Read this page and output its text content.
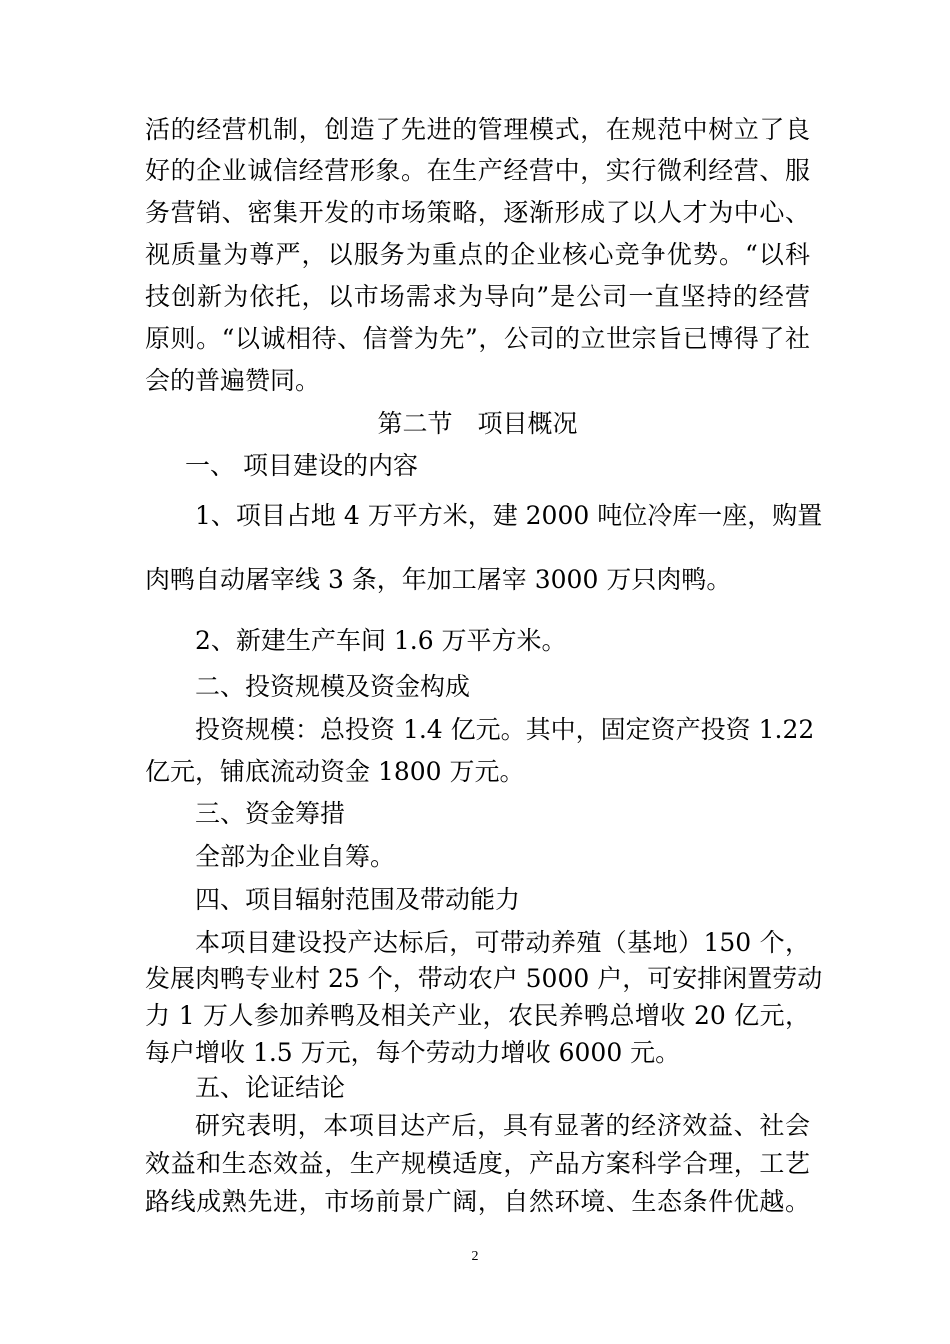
活的经营机制，创造了先进的管理模式，在规范中树立了良
好的企业诚信经营形象。在生产经营中，实行微利经营、服
务营销、密集开发的市场策略，逐渐形成了以人才为中心、
视质量为尊严，以服务为重点的企业核心竞争优势。“以科
技创新为依托，以市场需求为导向”是公司一直坚持的经营
原则。“以诚相待、信誉为先”，公司的立世宗旨已博得了社
会的普遍赞同。
第二节　项目概况
一、 项目建设的内容
1、项目占地 4 万平方米，建 2000 吨位冷库一座，购置
肉鸭自动屠宰线 3 条，年加工屠宰 3000 万只肉鸭。
2、新建生产车间 1.6 万平方米。
二、投资规模及资金构成
投资规模：总投资 1.4 亿元。其中，固定资产投资 1.22
亿元，铺底流动资金 1800 万元。
三、资金筹措
全部为企业自筹。
四、项目辐射范围及带动能力
本项目建设投产达标后，可带动养殖（基地）150 个，
发展肉鸭专业村 25 个，带动农户 5000 户，可安排闲置劳动
力 1 万人参加养鸭及相关产业，农民养鸭总增收 20 亿元，
每户增收 1.5 万元，每个劳动力增收 6000 元。
五、论证结论
研究表明，本项目达产后，具有显著的经济效益、社会
效益和生态效益，生产规模适度，产品方案科学合理，工艺
路线成熟先进，市场前景广阔，自然环境、生态条件优越。
2
